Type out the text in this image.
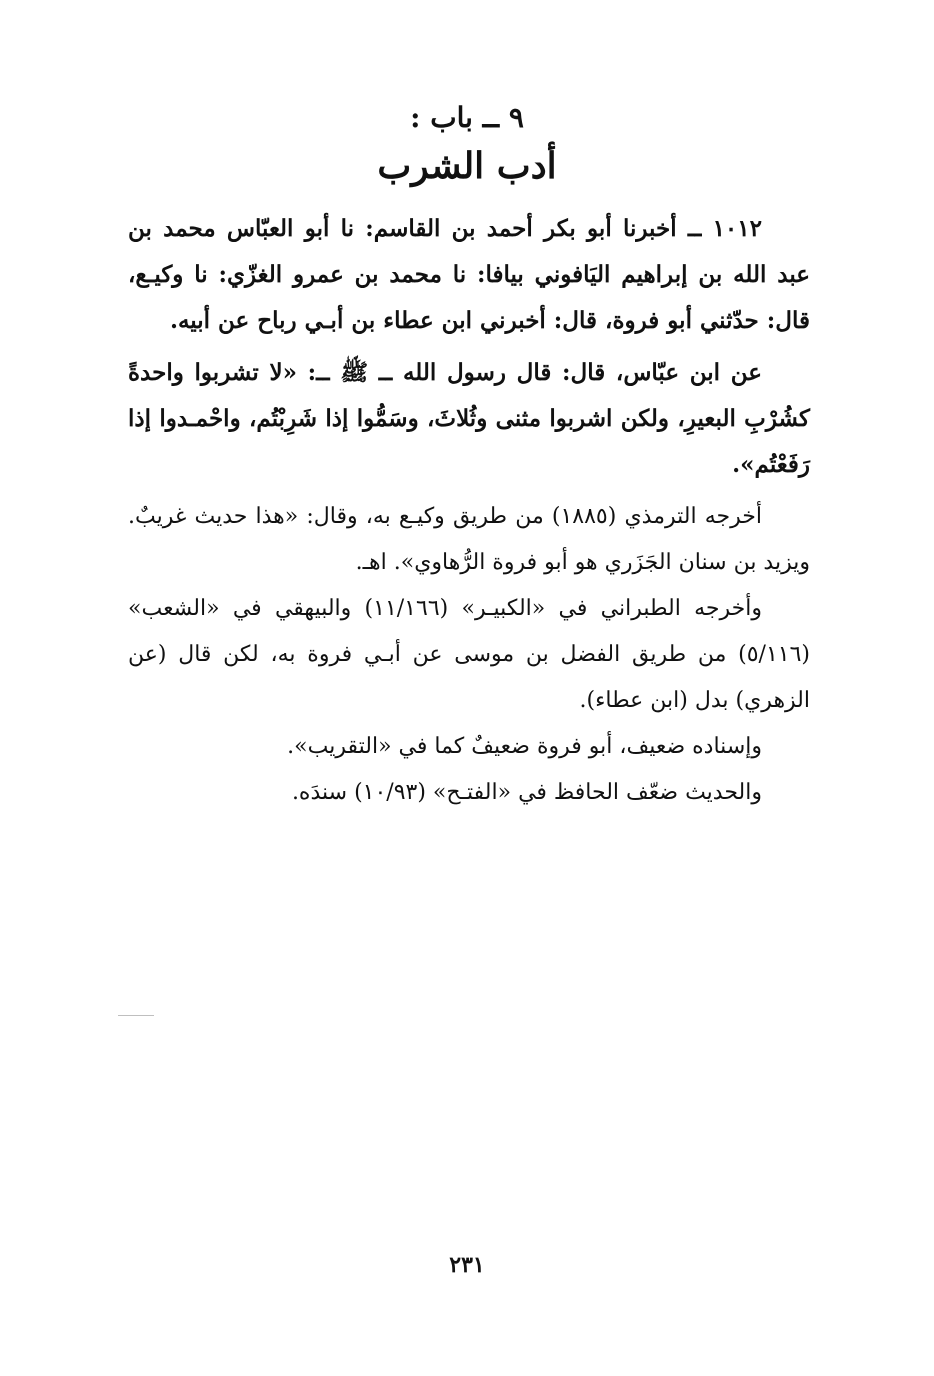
٩ ــ باب :
أدب الشرب

١٠١٢ ــ أخبرنا أبو بكر أحمد بن القاسم: نا أبو العبّاس محمد بن عبد الله بن إبراهيم اليَافوني بيافا: نا محمد بن عمرو الغزّي: نا وكيـع، قال: حدّثني أبو فروة، قال: أخبرني ابن عطاء بن أبـي رباح عن أبيه.

عن ابن عبّاس، قال: قال رسول الله ــ ﷺ ــ: «لا تشربوا واحدةً كشُرْبِ البعيرِ، ولكن اشربوا مثنى وثُلاثَ، وسَمُّوا إذا شَرِبْتُم، واحْمـدوا إذا رَفَعْتُم».

أخرجه الترمذي (١٨٨٥) من طريق وكيـع به، وقال: «هذا حديث غريبٌ. ويزيد بن سنان الجَزَري هو أبو فروة الرُّهاوي». اهـ.

وأخرجه الطبراني في «الكبيـر» (١١/١٦٦) والبيهقي في «الشعب» (٥/١١٦) من طريق الفضل بن موسى عن أبـي فروة به، لكن قال (عن الزهري) بدل (ابن عطاء).

وإسناده ضعيف، أبو فروة ضعيفٌ كما في «التقريب».

والحديث ضعّف الحافظ في «الفتـح» (١٠/٩٣) سندَه.

٢٣١
